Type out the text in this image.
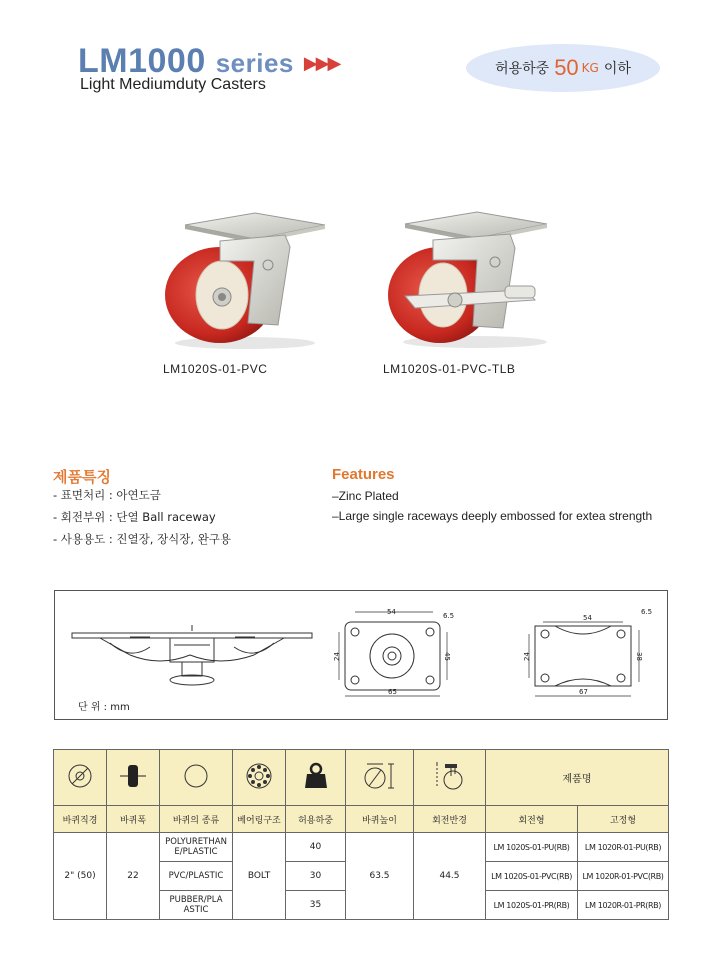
LM1000 series ▶▶▶
Light Mediumduty Casters
허용하중 50 KG 이하
LM1020S-01-PVC	LM1020S-01-PVC-TLB
제품특징
- 표면처리 : 아연도금
- 회전부위 : 단열 Ball raceway
- 사용용도 : 진열장, 장식장, 완구용
Features
–Zinc Plated
–Large single raceways deeply embossed for extea strength
54	6.5
24	45
65
54
6.5
24	38
67
단 위 : mm
							제품명	
바퀴직경	바퀴폭	바퀴의 종류	베어링구조	허용하중	바퀴높이	회전반경	회전형	고정형
2" (50)	22	POLYURETHAN E/PLASTIC	BOLT	40	63.5	44.5	LM 1020S-01-PU(RB)	LM 1020R-01-PU(RB)
		PVC/PLASTIC		30			LM 1020S-01-PVC(RB)	LM 1020R-01-PVC(RB)
		PUBBER/PLA ASTIC		35			LM 1020S-01-PR(RB)	LM 1020R-01-PR(RB)
